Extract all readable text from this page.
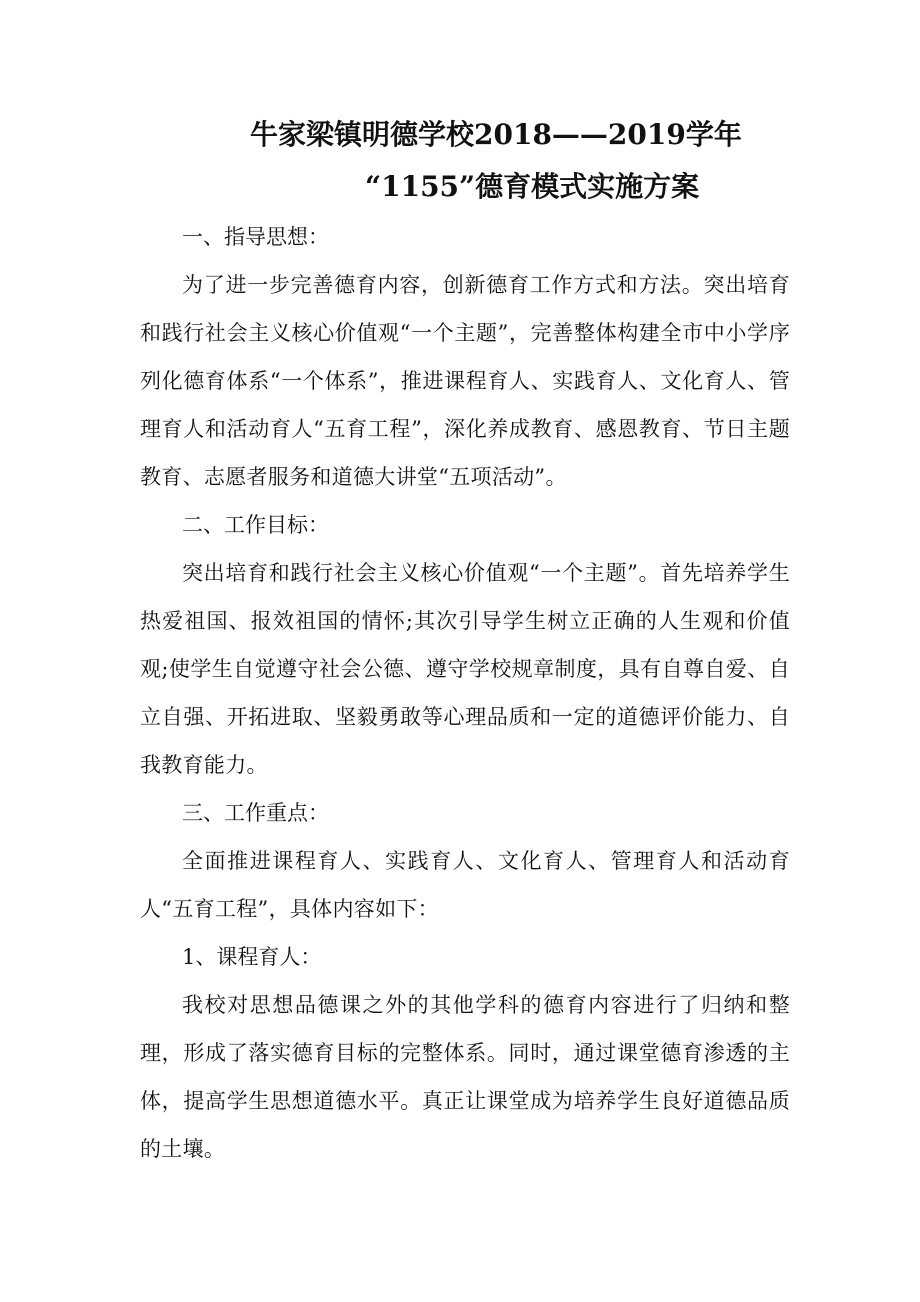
牛家梁镇明德学校2018——2019学年
“1155”德育模式实施方案

一、指导思想：

为了进一步完善德育内容，创新德育工作方式和方法。突出培育和践行社会主义核心价值观“一个主题”，完善整体构建全市中小学序列化德育体系“一个体系”，推进课程育人、实践育人、文化育人、管理育人和活动育人“五育工程”，深化养成教育、感恩教育、节日主题教育、志愿者服务和道德大讲堂“五项活动”。

二、工作目标：

突出培育和践行社会主义核心价值观“一个主题”。首先培养学生热爱祖国、报效祖国的情怀;其次引导学生树立正确的人生观和价值观;使学生自觉遵守社会公德、遵守学校规章制度，具有自尊自爱、自立自强、开拓进取、坚毅勇敢等心理品质和一定的道德评价能力、自我教育能力。

三、工作重点：

全面推进课程育人、实践育人、文化育人、管理育人和活动育人“五育工程”，具体内容如下：

1、课程育人：

我校对思想品德课之外的其他学科的德育内容进行了归纳和整理，形成了落实德育目标的完整体系。同时，通过课堂德育渗透的主体，提高学生思想道德水平。真正让课堂成为培养学生良好道德品质的土壤。
